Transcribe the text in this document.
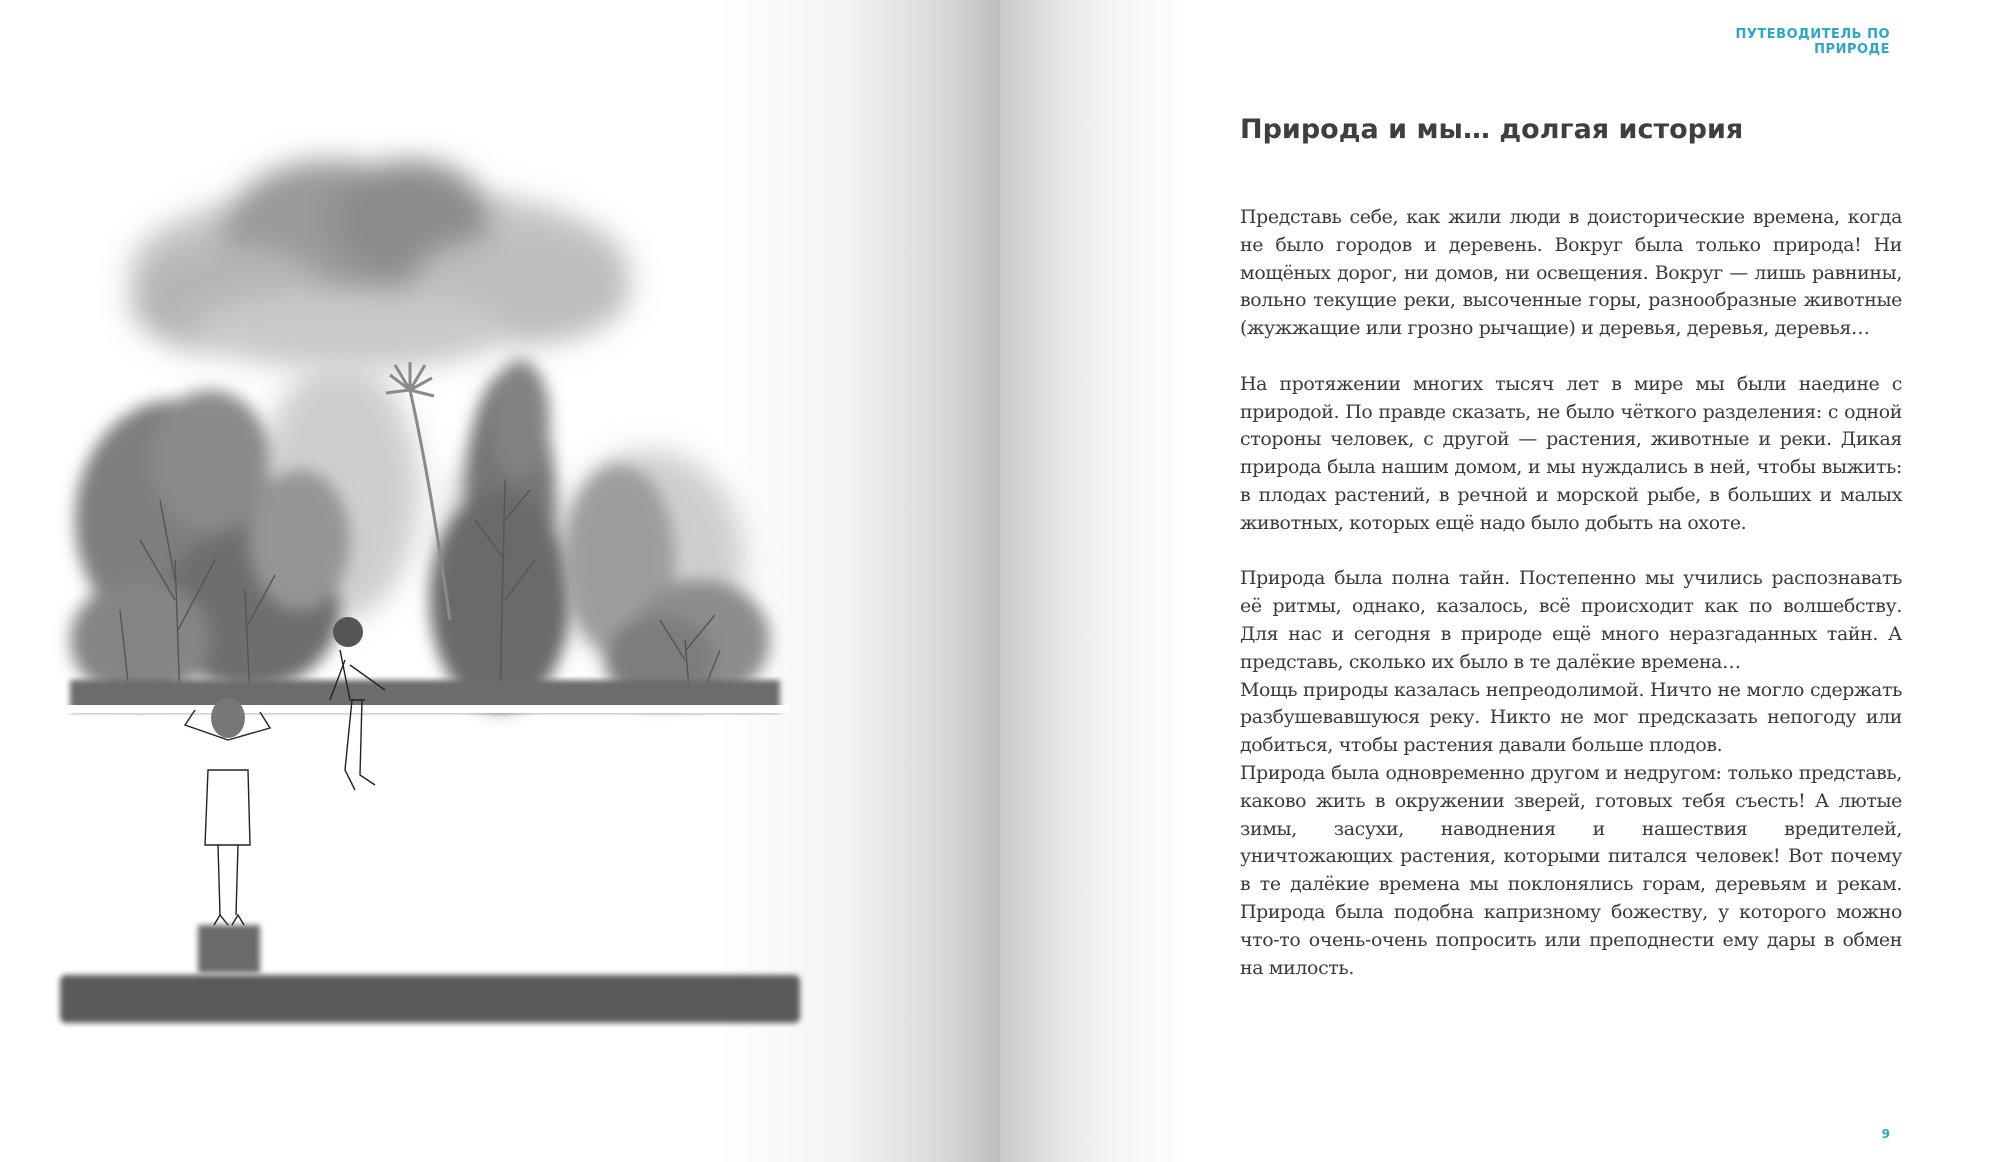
ПУТЕВОДИТЕЛЬ ПО ПРИРОДЕ
Природа и мы… долгая история

Представь себе, как жили люди в доисторические времена, когда не было городов и деревень. Вокруг была только природа! Ни мощёных дорог, ни домов, ни освещения. Вокруг — лишь равнины, вольно текущие реки, высоченные горы, разнообразные животные (жужжащие или грозно рычащие) и деревья, деревья, деревья…

На протяжении многих тысяч лет в мире мы были наедине с природой. По правде сказать, не было чёткого разделения: с одной стороны человек, с другой — растения, животные и реки. Дикая природа была нашим домом, и мы нуждались в ней, чтобы выжить: в плодах растений, в речной и морской рыбе, в больших и малых животных, которых ещё надо было добыть на охоте.

Природа была полна тайн. Постепенно мы учились распознавать её ритмы, однако, казалось, всё происходит как по волшебству. Для нас и сегодня в природе ещё много неразгаданных тайн. А представь, сколько их было в те далёкие времена…

Мощь природы казалась непреодолимой. Ничто не могло сдержать разбушевавшуюся реку. Никто не мог предсказать непогоду или добиться, чтобы растения давали больше плодов.

Природа была одновременно другом и недругом: только представь, каково жить в окружении зверей, готовых тебя съесть! А лютые зимы, засухи, наводнения и нашествия вредителей, уничтожающих растения, которыми питался человек! Вот почему в те далёкие времена мы поклонялись горам, деревьям и рекам. Природа была подобна капризному божеству, у которого можно что-то очень-очень попросить или преподнести ему дары в обмен на милость.

9
